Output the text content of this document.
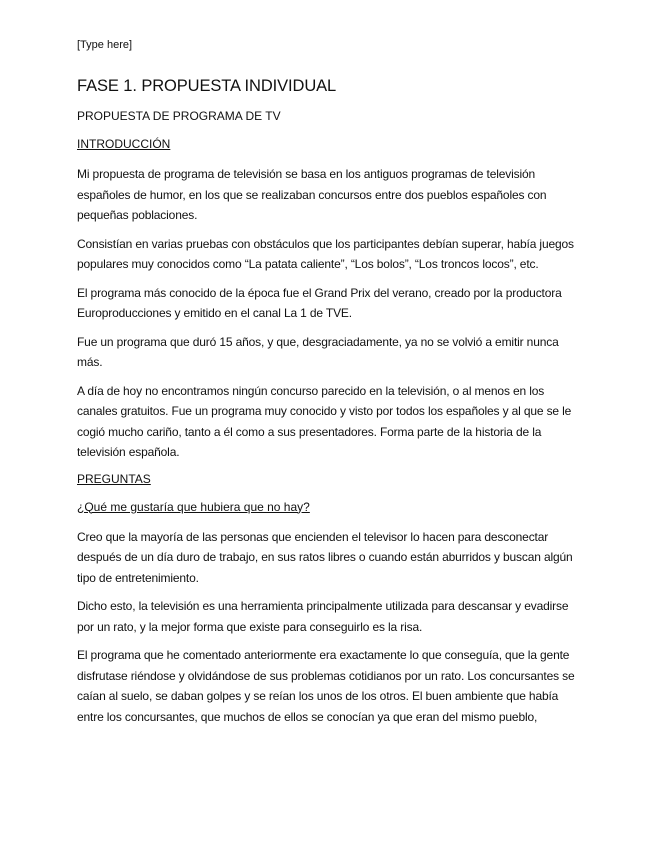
[Type here]
FASE 1. PROPUESTA INDIVIDUAL
PROPUESTA DE PROGRAMA DE TV
INTRODUCCIÓN

Mi propuesta de programa de televisión se basa en los antiguos programas de televisión españoles de humor, en los que se realizaban concursos entre dos pueblos españoles con pequeñas poblaciones.

Consistían en varias pruebas con obstáculos que los participantes debían superar, había juegos populares muy conocidos como “La patata caliente”, “Los bolos”, “Los troncos locos”, etc.

El programa más conocido de la época fue el Grand Prix del verano, creado por la productora Europroducciones y emitido en el canal La 1 de TVE.

Fue un programa que duró 15 años, y que, desgraciadamente, ya no se volvió a emitir nunca más.

A día de hoy no encontramos ningún concurso parecido en la televisión, o al menos en los canales gratuitos. Fue un programa muy conocido y visto por todos los españoles y al que se le cogió mucho cariño, tanto a él como a sus presentadores. Forma parte de la historia de la televisión española.

PREGUNTAS
¿Qué me gustaría que hubiera que no hay?

Creo que la mayoría de las personas que encienden el televisor lo hacen para desconectar después de un día duro de trabajo, en sus ratos libres o cuando están aburridos y buscan algún tipo de entretenimiento.

Dicho esto, la televisión es una herramienta principalmente utilizada para descansar y evadirse por un rato, y la mejor forma que existe para conseguirlo es la risa.

El programa que he comentado anteriormente era exactamente lo que conseguía, que la gente disfrutase riéndose y olvidándose de sus problemas cotidianos por un rato. Los concursantes se caían al suelo, se daban golpes y se reían los unos de los otros. El buen ambiente que había entre los concursantes, que muchos de ellos se conocían ya que eran del mismo pueblo,
